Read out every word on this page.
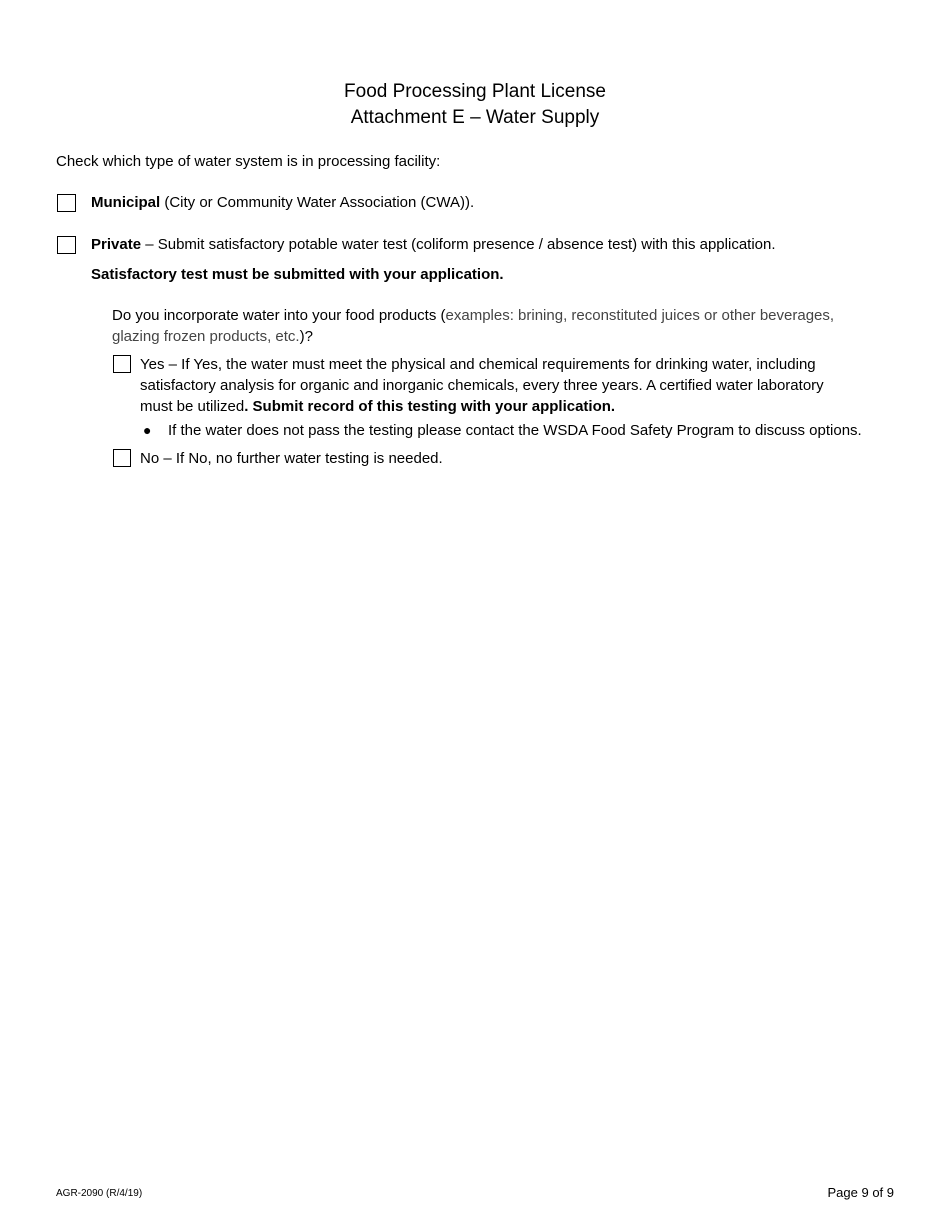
Food Processing Plant License
Attachment E – Water Supply
Check which type of water system is in processing facility:
Municipal (City or Community Water Association (CWA)).
Private – Submit satisfactory potable water test (coliform presence / absence test) with this application.
Satisfactory test must be submitted with your application.
Do you incorporate water into your food products (examples: brining, reconstituted juices or other beverages,
glazing frozen products, etc.)?
Yes – If Yes, the water must meet the physical and chemical requirements for drinking water, including
satisfactory analysis for organic and inorganic chemicals, every three years. A certified water laboratory
must be utilized. Submit record of this testing with your application.
● If the water does not pass the testing please contact the WSDA Food Safety Program to discuss options.
No – If No, no further water testing is needed.
AGR-2090 (R/4/19)	Page 9 of 9
